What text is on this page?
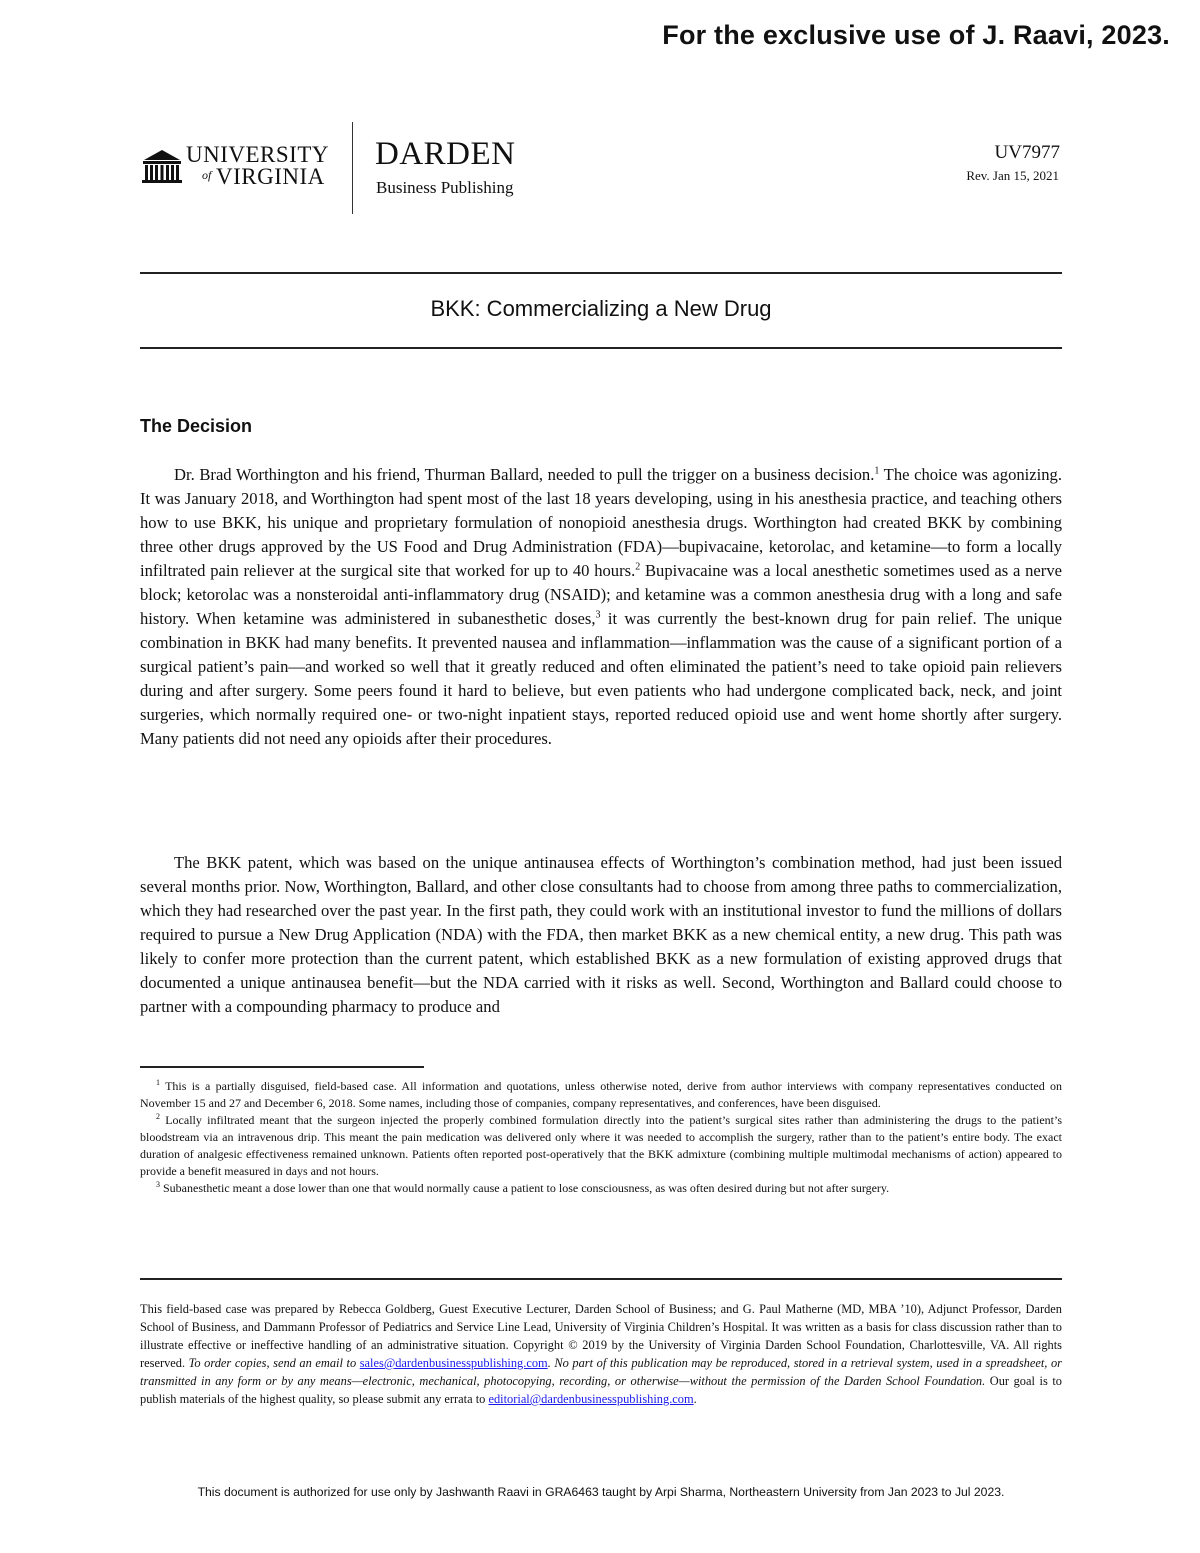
For the exclusive use of J. Raavi, 2023.
UNIVERSITY
of VIRGINIA
DARDEN
Business Publishing
UV7977
Rev. Jan 15, 2021
BKK: Commercializing a New Drug
The Decision

Dr. Brad Worthington and his friend, Thurman Ballard, needed to pull the trigger on a business decision.$^1$ The choice was agonizing. It was January 2018, and Worthington had spent most of the last 18 years developing, using in his anesthesia practice, and teaching others how to use BKK, his unique and proprietary formulation of nonopioid anesthesia drugs. Worthington had created BKK by combining three other drugs approved by the US Food and Drug Administration (FDA)—bupivacaine, ketorolac, and ketamine—to form a locally infiltrated pain reliever at the surgical site that worked for up to 40 hours.$^2$ Bupivacaine was a local anesthetic sometimes used as a nerve block; ketorolac was a nonsteroidal anti-inflammatory drug (NSAID); and ketamine was a common anesthesia drug with a long and safe history. When ketamine was administered in subanesthetic doses,$^3$ it was currently the best-known drug for pain relief. The unique combination in BKK had many benefits. It prevented nausea and inflammation—inflammation was the cause of a significant portion of a surgical patient’s pain—and worked so well that it greatly reduced and often eliminated the patient’s need to take opioid pain relievers during and after surgery. Some peers found it hard to believe, but even patients who had undergone complicated back, neck, and joint surgeries, which normally required one- or two-night inpatient stays, reported reduced opioid use and went home shortly after surgery. Many patients did not need any opioids after their procedures.

The BKK patent, which was based on the unique antinausea effects of Worthington’s combination method, had just been issued several months prior. Now, Worthington, Ballard, and other close consultants had to choose from among three paths to commercialization, which they had researched over the past year. In the first path, they could work with an institutional investor to fund the millions of dollars required to pursue a New Drug Application (NDA) with the FDA, then market BKK as a new chemical entity, a new drug. This path was likely to confer more protection than the current patent, which established BKK as a new formulation of existing approved drugs that documented a unique antinausea benefit—but the NDA carried with it risks as well. Second, Worthington and Ballard could choose to partner with a compounding pharmacy to produce and

$^1$ This is a partially disguised, field-based case. All information and quotations, unless otherwise noted, derive from author interviews with company representatives conducted on November 15 and 27 and December 6, 2018. Some names, including those of companies, company representatives, and conferences, have been disguised.

$^2$ Locally infiltrated meant that the surgeon injected the properly combined formulation directly into the patient’s surgical sites rather than administering the drugs to the patient’s bloodstream via an intravenous drip. This meant the pain medication was delivered only where it was needed to accomplish the surgery, rather than to the patient’s entire body. The exact duration of analgesic effectiveness remained unknown. Patients often reported post-operatively that the BKK admixture (combining multiple multimodal mechanisms of action) appeared to provide a benefit measured in days and not hours.

$^3$ Subanesthetic meant a dose lower than one that would normally cause a patient to lose consciousness, as was often desired during but not after surgery.

This field-based case was prepared by Rebecca Goldberg, Guest Executive Lecturer, Darden School of Business; and G. Paul Matherne (MD, MBA ’10), Adjunct Professor, Darden School of Business, and Dammann Professor of Pediatrics and Service Line Lead, University of Virginia Children’s Hospital. It was written as a basis for class discussion rather than to illustrate effective or ineffective handling of an administrative situation. Copyright © 2019 by the University of Virginia Darden School Foundation, Charlottesville, VA. All rights reserved. To order copies, send an email to sales@dardenbusinesspublishing.com. No part of this publication may be reproduced, stored in a retrieval system, used in a spreadsheet, or transmitted in any form or by any means—electronic, mechanical, photocopying, recording, or otherwise—without the permission of the Darden School Foundation. Our goal is to publish materials of the highest quality, so please submit any errata to editorial@dardenbusinesspublishing.com.

This document is authorized for use only by Jashwanth Raavi in GRA6463 taught by Arpi Sharma, Northeastern University from Jan 2023 to Jul 2023.
